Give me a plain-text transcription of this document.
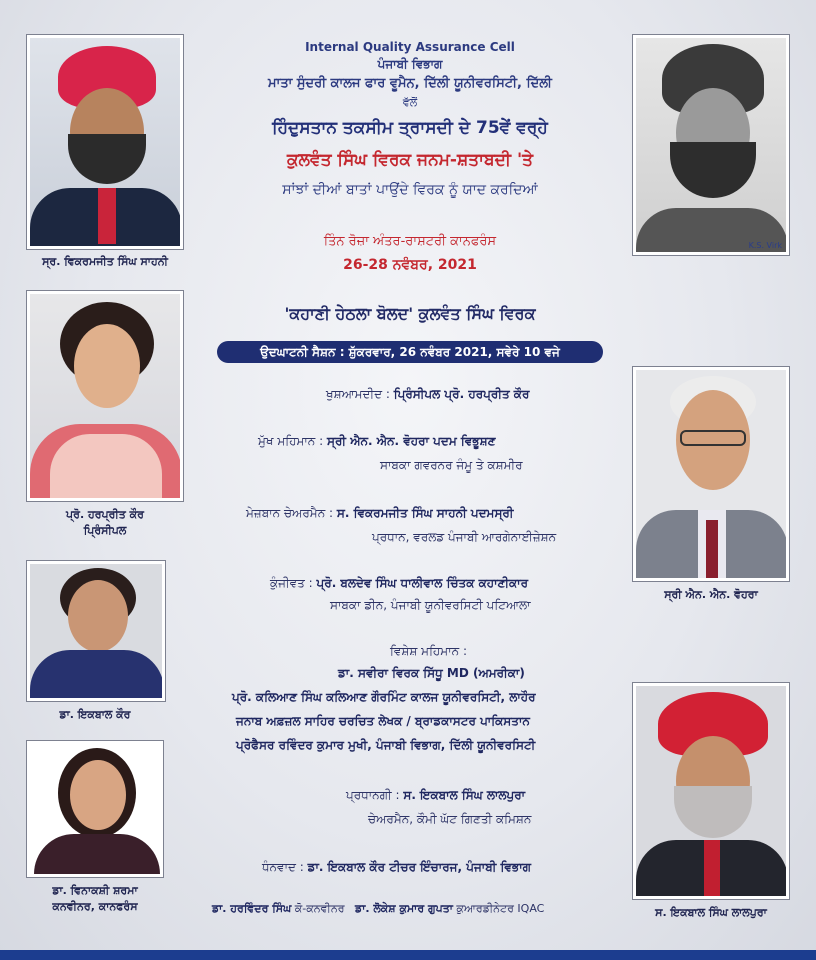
ਸ੍ਰ. ਵਿਕਰਮਜੀਤ ਸਿੰਘ ਸਾਹਨੀ
ਪ੍ਰੋ. ਹਰਪ੍ਰੀਤ ਕੌਰ
ਪ੍ਰਿੰਸੀਪਲ
ਡਾ. ਇਕਬਾਲ ਕੌਰ
ਡਾ. ਵਿਨਾਕਸ਼ੀ ਸ਼ਰਮਾ
ਕਨਵੀਨਰ, ਕਾਨਫਰੰਸ
K.S. Virk
ਸ੍ਰੀ ਐਨ. ਐਨ. ਵੋਹਰਾ
ਸ. ਇਕਬਾਲ ਸਿੰਘ ਲਾਲਪੁਰਾ
Internal Quality Assurance Cell
ਪੰਜਾਬੀ ਵਿਭਾਗ
ਮਾਤਾ ਸੁੰਦਰੀ ਕਾਲਜ ਫਾਰ ਵੂਮੈਨ, ਦਿੱਲੀ ਯੂਨੀਵਰਸਿਟੀ, ਦਿੱਲੀ
ਵੱਲੋਂ
ਹਿੰਦੁਸਤਾਨ ਤਕਸੀਮ ਤ੍ਰਾਸਦੀ ਦੇ 75ਵੇਂ ਵਰ੍ਹੇ
ਕੁਲਵੰਤ ਸਿੰਘ ਵਿਰਕ ਜਨਮ-ਸ਼ਤਾਬਦੀ 'ਤੇ
ਸਾਂਝਾਂ ਦੀਆਂ ਬਾਤਾਂ ਪਾਉਂਦੇ ਵਿਰਕ ਨੂੰ ਯਾਦ ਕਰਦਿਆਂ
ਤਿੰਨ ਰੋਜ਼ਾ ਅੰਤਰ-ਰਾਸ਼ਟਰੀ ਕਾਨਫਰੰਸ
26-28 ਨਵੰਬਰ, 2021
'ਕਹਾਣੀ ਹੇਠਲਾ ਬੋਲਦ' ਕੁਲਵੰਤ ਸਿੰਘ ਵਿਰਕ
ਉਦਘਾਟਨੀ ਸੈਸ਼ਨ : ਸ਼ੁੱਕਰਵਾਰ, 26 ਨਵੰਬਰ 2021, ਸਵੇਰੇ 10 ਵਜੇ
ਖੁਸ਼ਆਮਦੀਦ : ਪ੍ਰਿੰਸੀਪਲ ਪ੍ਰੋ. ਹਰਪ੍ਰੀਤ ਕੌਰ
ਮੁੱਖ ਮਹਿਮਾਨ : ਸ੍ਰੀ ਐਨ. ਐਨ. ਵੋਹਰਾ ਪਦਮ ਵਿਭੂਸ਼ਣ
ਸਾਬਕਾ ਗਵਰਨਰ ਜੰਮੂ ਤੇ ਕਸ਼ਮੀਰ
ਮੇਜ਼ਬਾਨ ਚੇਅਰਮੈਨ : ਸ. ਵਿਕਰਮਜੀਤ ਸਿੰਘ ਸਾਹਨੀ ਪਦਮਸ੍ਰੀ
ਪ੍ਰਧਾਨ, ਵਰਲਡ ਪੰਜਾਬੀ ਆਰਗੇਨਾਈਜ਼ੇਸ਼ਨ
ਕੁੰਜੀਵਤ : ਪ੍ਰੋ. ਬਲਦੇਵ ਸਿੰਘ ਧਾਲੀਵਾਲ ਚਿੰਤਕ ਕਹਾਣੀਕਾਰ
ਸਾਬਕਾ ਡੀਨ, ਪੰਜਾਬੀ ਯੂਨੀਵਰਸਿਟੀ ਪਟਿਆਲਾ
ਵਿਸ਼ੇਸ਼ ਮਹਿਮਾਨ :
ਡਾ. ਸਵੀਰਾ ਵਿਰਕ ਸਿੱਧੂ MD (ਅਮਰੀਕਾ)
ਪ੍ਰੋ. ਕਲਿਆਣ ਸਿੰਘ ਕਲਿਆਣ ਗੌਰਮਿੰਟ ਕਾਲਜ ਯੂਨੀਵਰਸਿਟੀ, ਲਾਹੌਰ
ਜਨਾਬ ਅਫ਼ਜ਼ਲ ਸਾਹਿਰ ਚਰਚਿਤ ਲੇਖਕ / ਬ੍ਰਾਡਕਾਸਟਰ ਪਾਕਿਸਤਾਨ
ਪ੍ਰੋਫੈਸਰ ਰਵਿੰਦਰ ਕੁਮਾਰ ਮੁਖੀ, ਪੰਜਾਬੀ ਵਿਭਾਗ, ਦਿੱਲੀ ਯੂਨੀਵਰਸਿਟੀ
ਪ੍ਰਧਾਨਗੀ : ਸ. ਇਕਬਾਲ ਸਿੰਘ ਲਾਲਪੁਰਾ
ਚੇਅਰਮੈਨ, ਕੌਮੀ ਘੱਟ ਗਿਣਤੀ ਕਮਿਸ਼ਨ
ਧੰਨਵਾਦ : ਡਾ. ਇਕਬਾਲ ਕੌਰ ਟੀਚਰ ਇੰਚਾਰਜ, ਪੰਜਾਬੀ ਵਿਭਾਗ
ਡਾ. ਹਰਵਿੰਦਰ ਸਿੰਘ ਕੋ-ਕਨਵੀਨਰ ਡਾ. ਲੋਕੇਸ਼ ਕੁਮਾਰ ਗੁਪਤਾ ਕੁਆਰਡੀਨੇਟਰ IQAC
